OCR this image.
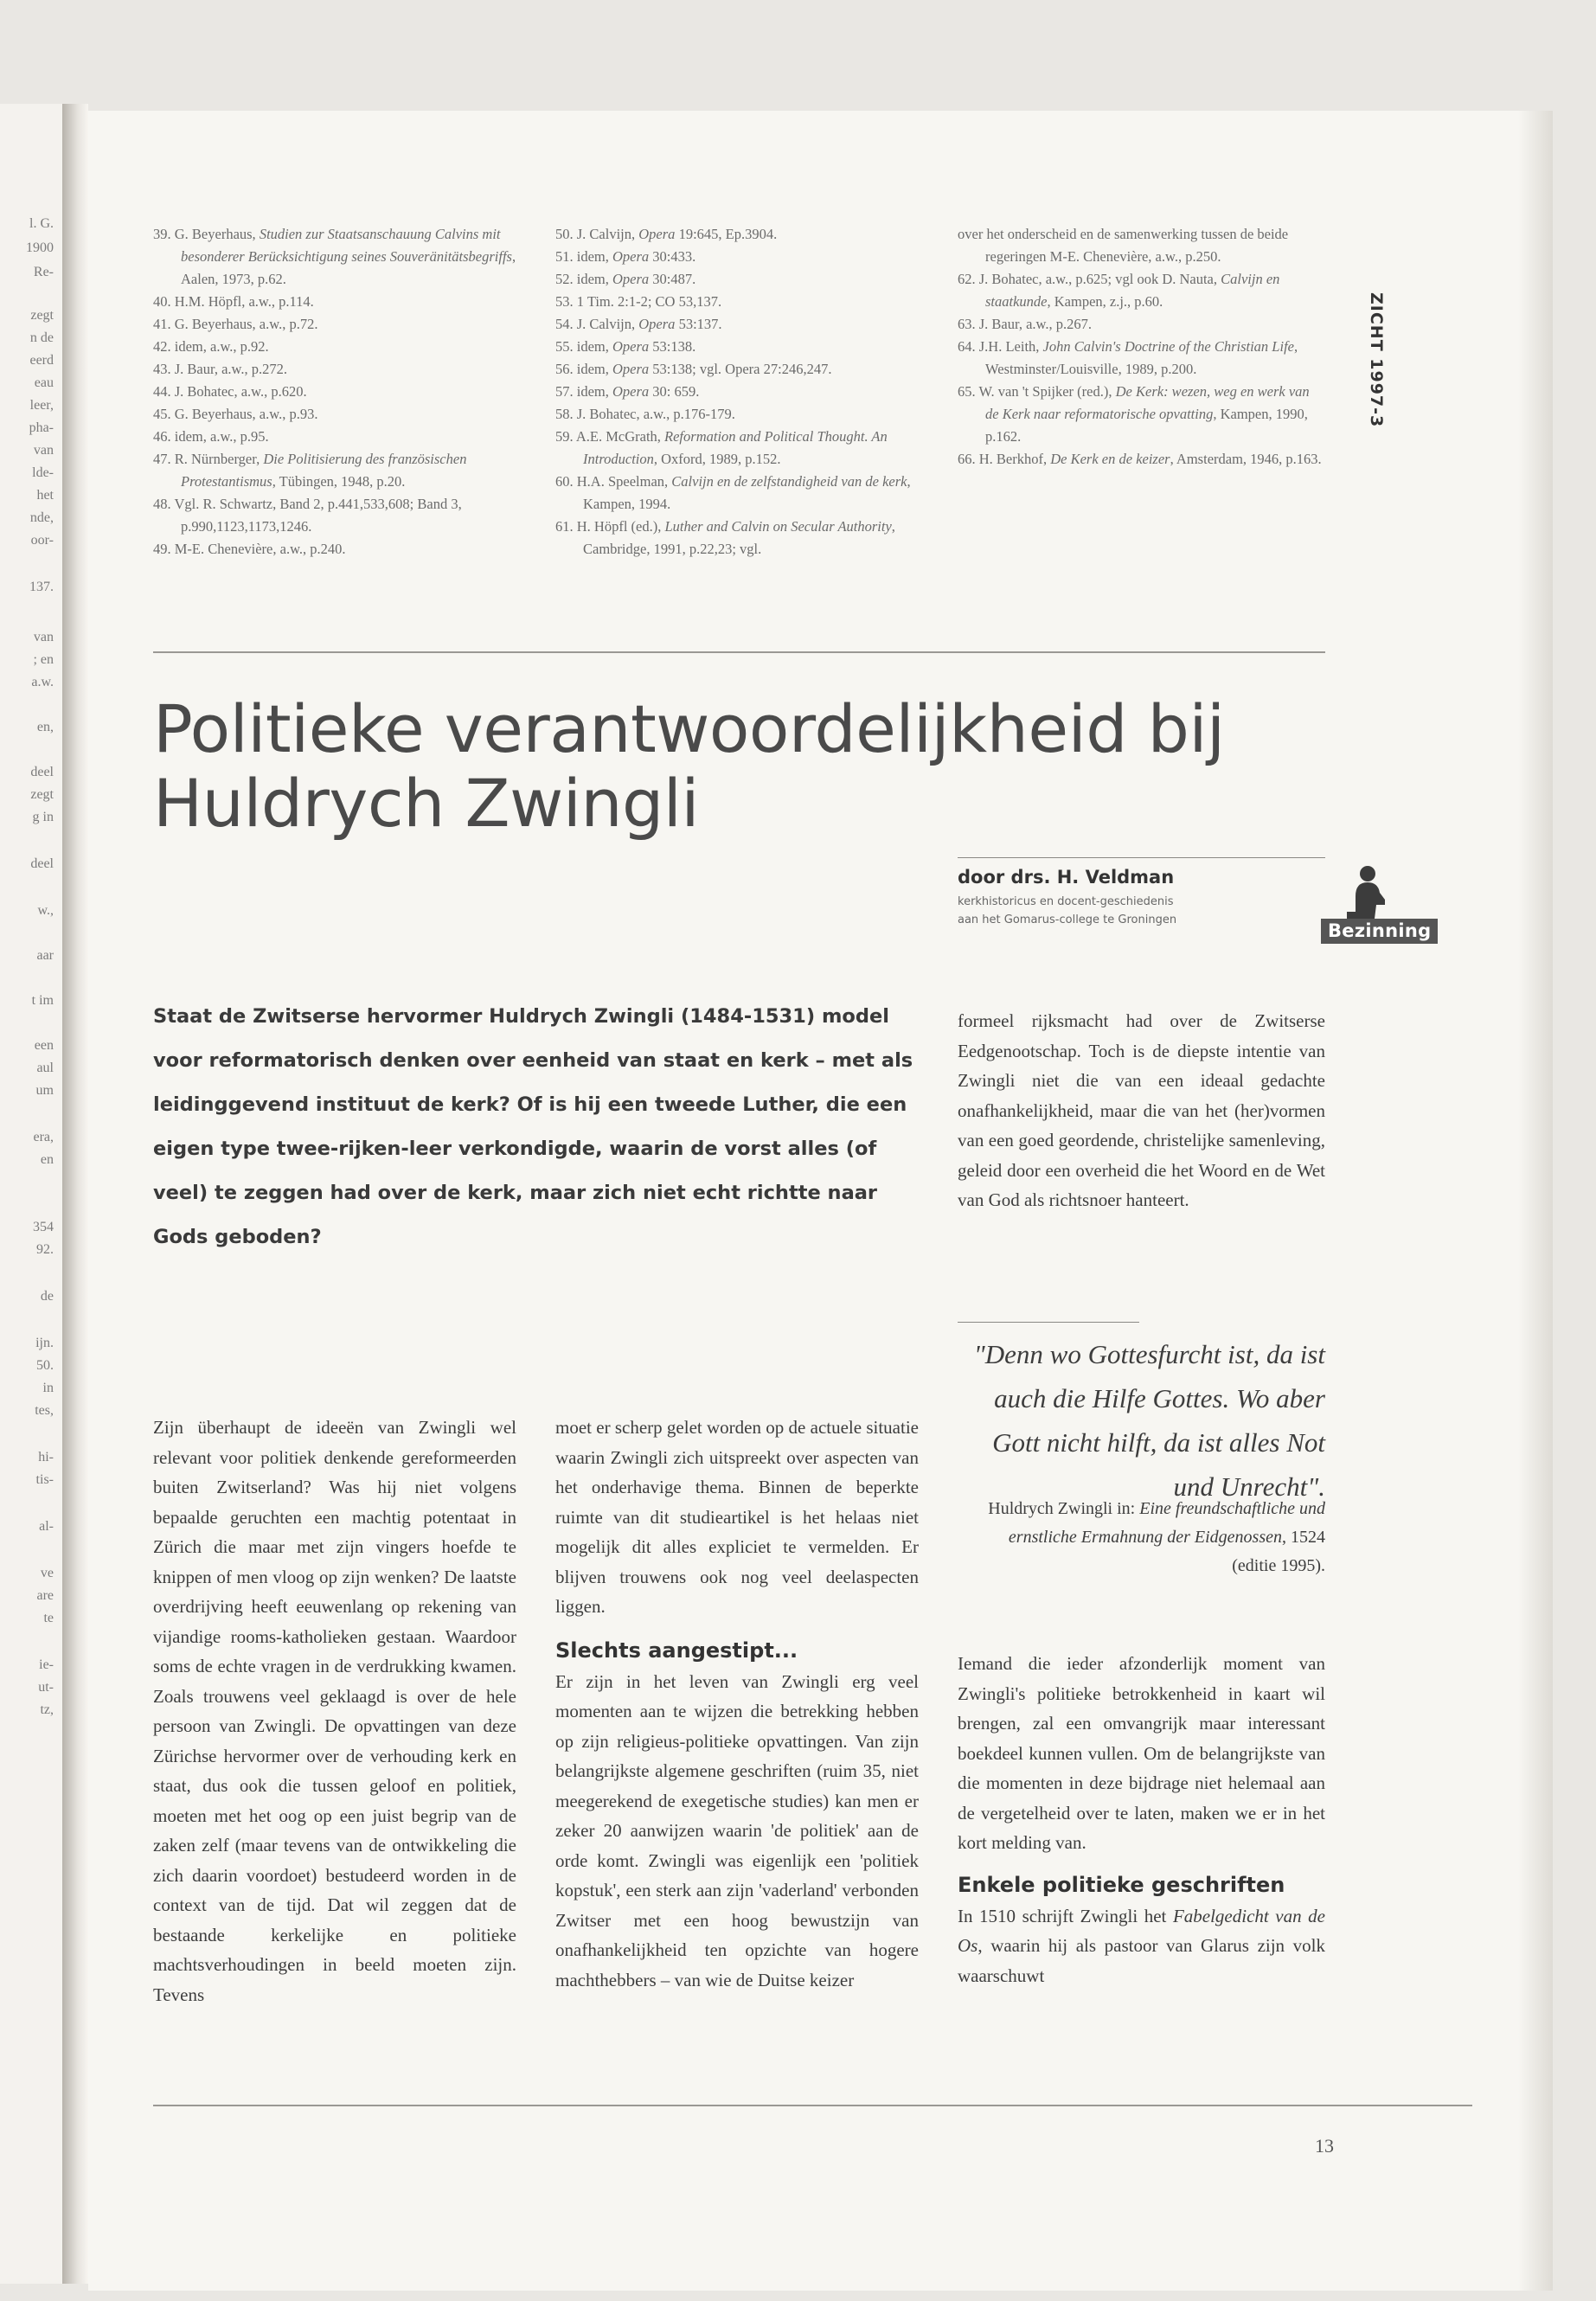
l. G.
1900
Re-
zegt
n de
eerd
eau
leer,
pha-
van
lde-
het
nde,
oor-
137.
van
; en
a.w.
en,
deel
zegt
g in
deel
w.,
aar
t im
een
aul
um
era,
en
354
92.
de
ijn.
50.
in
tes,
hi-
tis-
al-
ve
are
te
ie-
ut-
tz,
39. G. Beyerhaus, Studien zur Staatsanschauung Calvins mit besonderer Berücksichtigung seines Souveränitätsbegriffs, Aalen, 1973, p.62.
40. H.M. Höpfl, a.w., p.114.
41. G. Beyerhaus, a.w., p.72.
42. idem, a.w., p.92.
43. J. Baur, a.w., p.272.
44. J. Bohatec, a.w., p.620.
45. G. Beyerhaus, a.w., p.93.
46. idem, a.w., p.95.
47. R. Nürnberger, Die Politisierung des französischen Protestantismus, Tübingen, 1948, p.20.
48. Vgl. R. Schwartz, Band 2, p.441,533,608; Band 3, p.990,1123,1173,1246.
49. M-E. Chenevière, a.w., p.240.
50. J. Calvijn, Opera 19:645, Ep.3904.
51. idem, Opera 30:433.
52. idem, Opera 30:487.
53. 1 Tim. 2:1-2; CO 53,137.
54. J. Calvijn, Opera 53:137.
55. idem, Opera 53:138.
56. idem, Opera 53:138; vgl. Opera 27:246,247.
57. idem, Opera 30: 659.
58. J. Bohatec, a.w., p.176-179.
59. A.E. McGrath, Reformation and Political Thought. An Introduction, Oxford, 1989, p.152.
60. H.A. Speelman, Calvijn en de zelfstandigheid van de kerk, Kampen, 1994.
61. H. Höpfl (ed.), Luther and Calvin on Secular Authority, Cambridge, 1991, p.22,23; vgl.
over het onderscheid en de samenwerking tussen de beide regeringen M-E. Chenevière, a.w., p.250.
62. J. Bohatec, a.w., p.625; vgl ook D. Nauta, Calvijn en staatkunde, Kampen, z.j., p.60.
63. J. Baur, a.w., p.267.
64. J.H. Leith, John Calvin's Doctrine of the Christian Life, Westminster/Louisville, 1989, p.200.
65. W. van 't Spijker (red.), De Kerk: wezen, weg en werk van de Kerk naar reformatorische opvatting, Kampen, 1990, p.162.
66. H. Berkhof, De Kerk en de keizer, Amsterdam, 1946, p.163.
ZICHT 1997-3
Politieke verantwoordelijkheid bij
Huldrych Zwingli
door drs. H. Veldman
kerkhistoricus en docent-geschiedenis aan het Gomarus-college te Groningen
Bezinning

Staat de Zwitserse hervormer Huldrych Zwingli (1484-1531) model voor reformatorisch denken over eenheid van staat en kerk – met als leidinggevend instituut de kerk? Of is hij een tweede Luther, die een eigen type twee-rijken-leer verkondigde, waarin de vorst alles (of veel) te zeggen had over de kerk, maar zich niet echt richtte naar Gods geboden?

Zijn überhaupt de ideeën van Zwingli wel relevant voor politiek denkende gereformeerden buiten Zwitserland? Was hij niet volgens bepaalde geruchten een machtig potentaat in Zürich die maar met zijn vingers hoefde te knippen of men vloog op zijn wenken? De laatste overdrijving heeft eeuwenlang op rekening van vijandige rooms-katholieken gestaan. Waardoor soms de echte vragen in de verdrukking kwamen. Zoals trouwens veel geklaagd is over de hele persoon van Zwingli. De opvattingen van deze Zürichse hervormer over de verhouding kerk en staat, dus ook die tussen geloof en politiek, moeten met het oog op een juist begrip van de zaken zelf (maar tevens van de ontwikkeling die zich daarin voordoet) bestudeerd worden in de context van de tijd. Dat wil zeggen dat de bestaande kerkelijke en politieke machtsverhoudingen in beeld moeten zijn. Tevens

moet er scherp gelet worden op de actuele situatie waarin Zwingli zich uitspreekt over aspecten van het onderhavige thema. Binnen de beperkte ruimte van dit studieartikel is het helaas niet mogelijk dit alles expliciet te vermelden. Er blijven trouwens ook nog veel deelaspecten liggen.

Slechts aangestipt...

Er zijn in het leven van Zwingli erg veel momenten aan te wijzen die betrekking hebben op zijn religieus-politieke opvattingen. Van zijn belangrijkste algemene geschriften (ruim 35, niet meegerekend de exegetische studies) kan men er zeker 20 aanwijzen waarin 'de politiek' aan de orde komt. Zwingli was eigenlijk een 'politiek kopstuk', een sterk aan zijn 'vaderland' verbonden Zwitser met een hoog bewustzijn van onafhankelijkheid ten opzichte van hogere machthebbers – van wie de Duitse keizer

formeel rijksmacht had over de Zwitserse Eedgenootschap. Toch is de diepste intentie van Zwingli niet die van een ideaal gedachte onafhankelijkheid, maar die van het (her)vormen van een goed geordende, christelijke samenleving, geleid door een overheid die het Woord en de Wet van God als richtsnoer hanteert.

"Denn wo Gottesfurcht ist, da ist auch die Hilfe Gottes. Wo aber Gott nicht hilft, da ist alles Not und Unrecht".
Huldrych Zwingli in: Eine freundschaftliche und ernstliche Ermahnung der Eidgenossen, 1524 (editie 1995).

Iemand die ieder afzonderlijk moment van Zwingli's politieke betrokkenheid in kaart wil brengen, zal een omvangrijk maar interessant boekdeel kunnen vullen. Om de belangrijkste van die momenten in deze bijdrage niet helemaal aan de vergetelheid over te laten, maken we er in het kort melding van.

Enkele politieke geschriften

In 1510 schrijft Zwingli het Fabelgedicht van de Os, waarin hij als pastoor van Glarus zijn volk waarschuwt

13
